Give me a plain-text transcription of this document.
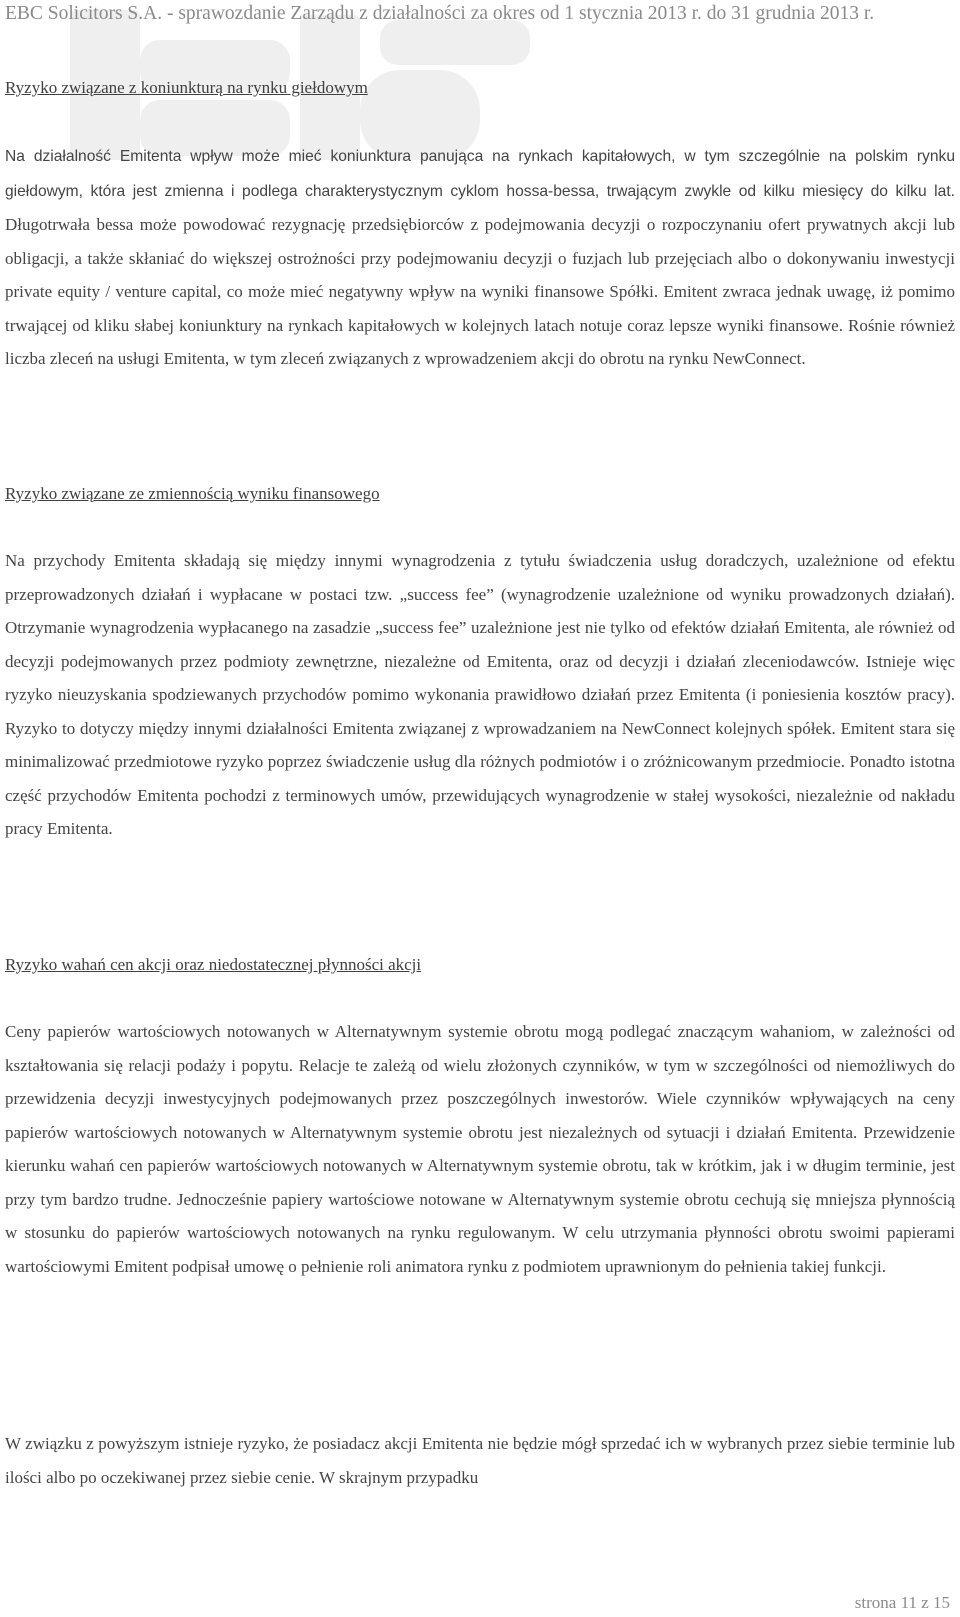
EBC Solicitors S.A. - sprawozdanie Zarządu z działalności za okres od 1 stycznia 2013 r. do 31 grudnia 2013 r.
Ryzyko związane z koniunkturą na rynku giełdowym

Na działalność Emitenta wpływ może mieć koniunktura panująca na rynkach kapitałowych, w tym szczególnie na polskim rynku giełdowym, która jest zmienna i podlega charakterystycznym cyklom hossa-bessa, trwającym zwykle od kilku miesięcy do kilku lat. Długotrwała bessa może powodować rezygnację przedsiębiorców z podejmowania decyzji o rozpoczynaniu ofert prywatnych akcji lub obligacji, a także skłaniać do większej ostrożności przy podejmowaniu decyzji o fuzjach lub przejęciach albo o dokonywaniu inwestycji private equity / venture capital, co może mieć negatywny wpływ na wyniki finansowe Spółki. Emitent zwraca jednak uwagę, iż pomimo trwającej od kliku słabej koniunktury na rynkach kapitałowych w kolejnych latach notuje coraz lepsze wyniki finansowe. Rośnie również liczba zleceń na usługi Emitenta, w tym zleceń związanych z wprowadzeniem akcji do obrotu na rynku NewConnect.

Ryzyko związane ze zmiennością wyniku finansowego

Na przychody Emitenta składają się między innymi wynagrodzenia z tytułu świadczenia usług doradczych, uzależnione od efektu przeprowadzonych działań i wypłacane w postaci tzw. „success fee” (wynagrodzenie uzależnione od wyniku prowadzonych działań). Otrzymanie wynagrodzenia wypłacanego na zasadzie „success fee” uzależnione jest nie tylko od efektów działań Emitenta, ale również od decyzji podejmowanych przez podmioty zewnętrzne, niezależne od Emitenta, oraz od decyzji i działań zleceniodawców. Istnieje więc ryzyko nieuzyskania spodziewanych przychodów pomimo wykonania prawidłowo działań przez Emitenta (i poniesienia kosztów pracy). Ryzyko to dotyczy między innymi działalności Emitenta związanej z wprowadzaniem na NewConnect kolejnych spółek. Emitent stara się minimalizować przedmiotowe ryzyko poprzez świadczenie usług dla różnych podmiotów i o zróżnicowanym przedmiocie. Ponadto istotna część przychodów Emitenta pochodzi z terminowych umów, przewidujących wynagrodzenie w stałej wysokości, niezależnie od nakładu pracy Emitenta.

Ryzyko wahań cen akcji oraz niedostatecznej płynności akcji

Ceny papierów wartościowych notowanych w Alternatywnym systemie obrotu mogą podlegać znaczącym wahaniom, w zależności od kształtowania się relacji podaży i popytu. Relacje te zależą od wielu złożonych czynników, w tym w szczególności od niemożliwych do przewidzenia decyzji inwestycyjnych podejmowanych przez poszczególnych inwestorów. Wiele czynników wpływających na ceny papierów wartościowych notowanych w Alternatywnym systemie obrotu jest niezależnych od sytuacji i działań Emitenta. Przewidzenie kierunku wahań cen papierów wartościowych notowanych w Alternatywnym systemie obrotu, tak w krótkim, jak i w długim terminie, jest przy tym bardzo trudne. Jednocześnie papiery wartościowe notowane w Alternatywnym systemie obrotu cechują się mniejsza płynnością w stosunku do papierów wartościowych notowanych na rynku regulowanym. W celu utrzymania płynności obrotu swoimi papierami wartościowymi Emitent podpisał umowę o pełnienie roli animatora rynku z podmiotem uprawnionym do pełnienia takiej funkcji.

W związku z powyższym istnieje ryzyko, że posiadacz akcji Emitenta nie będzie mógł sprzedać ich w wybranych przez siebie terminie lub ilości albo po oczekiwanej przez siebie cenie. W skrajnym przypadku

strona 11 z 15
